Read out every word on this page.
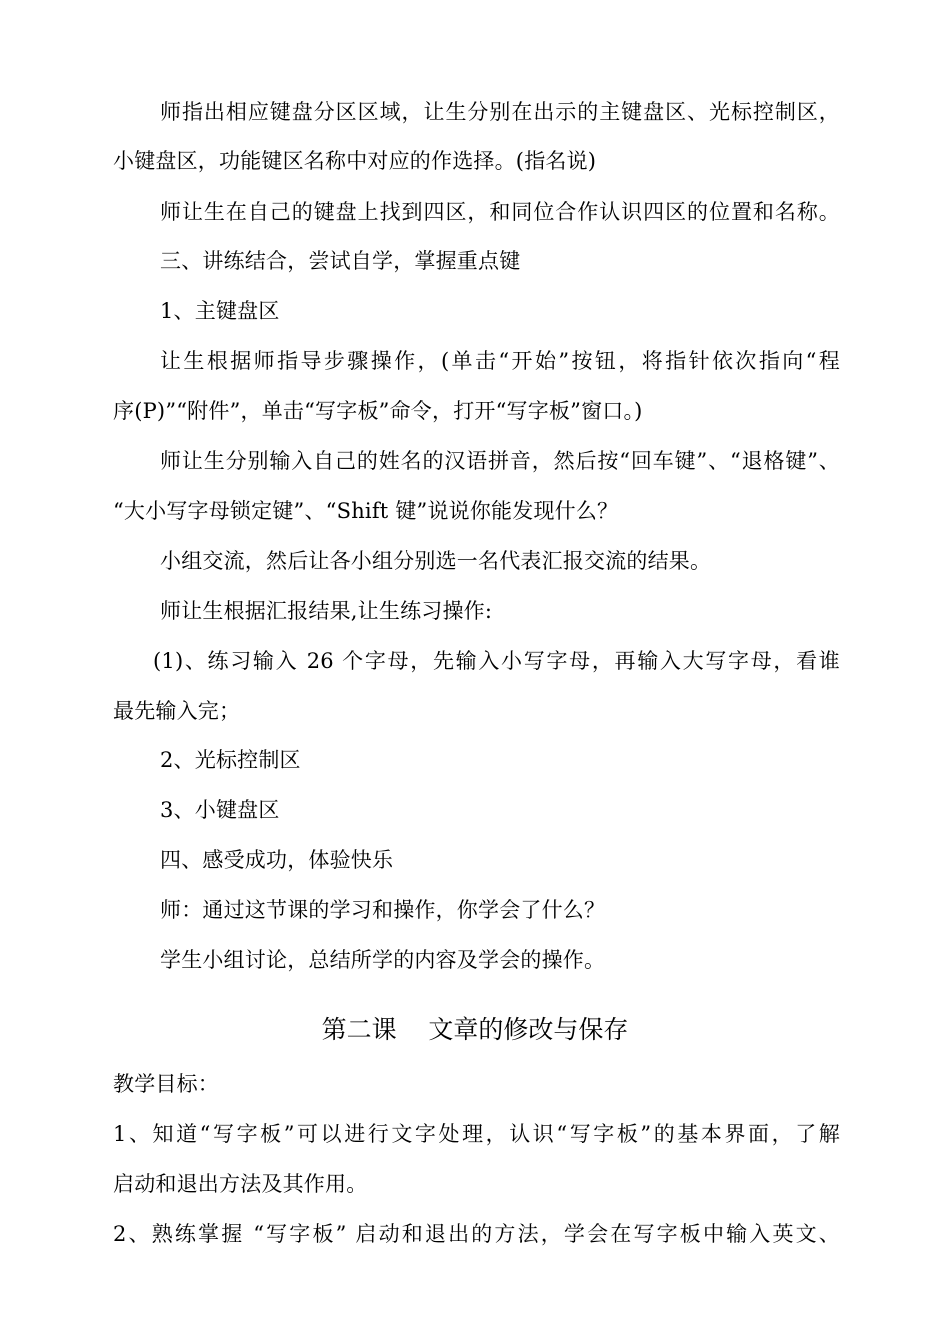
师指出相应键盘分区区域，让生分别在出示的主键盘区、光标控制区，
小键盘区，功能键区名称中对应的作选择。(指名说)
师让生在自己的键盘上找到四区，和同位合作认识四区的位置和名称。
三、讲练结合，尝试自学，掌握重点键
1、主键盘区
让生根据师指导步骤操作，(单击“开始”按钮，将指针依次指向“程
序(P)”“附件”，单击“写字板”命令，打开“写字板”窗口。)
师让生分别输入自己的姓名的汉语拼音，然后按“回车键”、“退格键”、
“大小写字母锁定键”、“Shift 键”说说你能发现什么？
小组交流，然后让各小组分别选一名代表汇报交流的结果。
师让生根据汇报结果,让生练习操作:
(1)、练习输入 26 个字母，先输入小写字母，再输入大写字母，看谁
最先输入完；
2、光标控制区
3、小键盘区
四、感受成功，体验快乐
师：通过这节课的学习和操作，你学会了什么？
学生小组讨论，总结所学的内容及学会的操作。
第二课    文章的修改与保存
教学目标：
1、知道“写字板”可以进行文字处理，认识“写字板”的基本界面，了解
启动和退出方法及其作用。
2、熟练掌握 “写字板” 启动和退出的方法，学会在写字板中输入英文、
